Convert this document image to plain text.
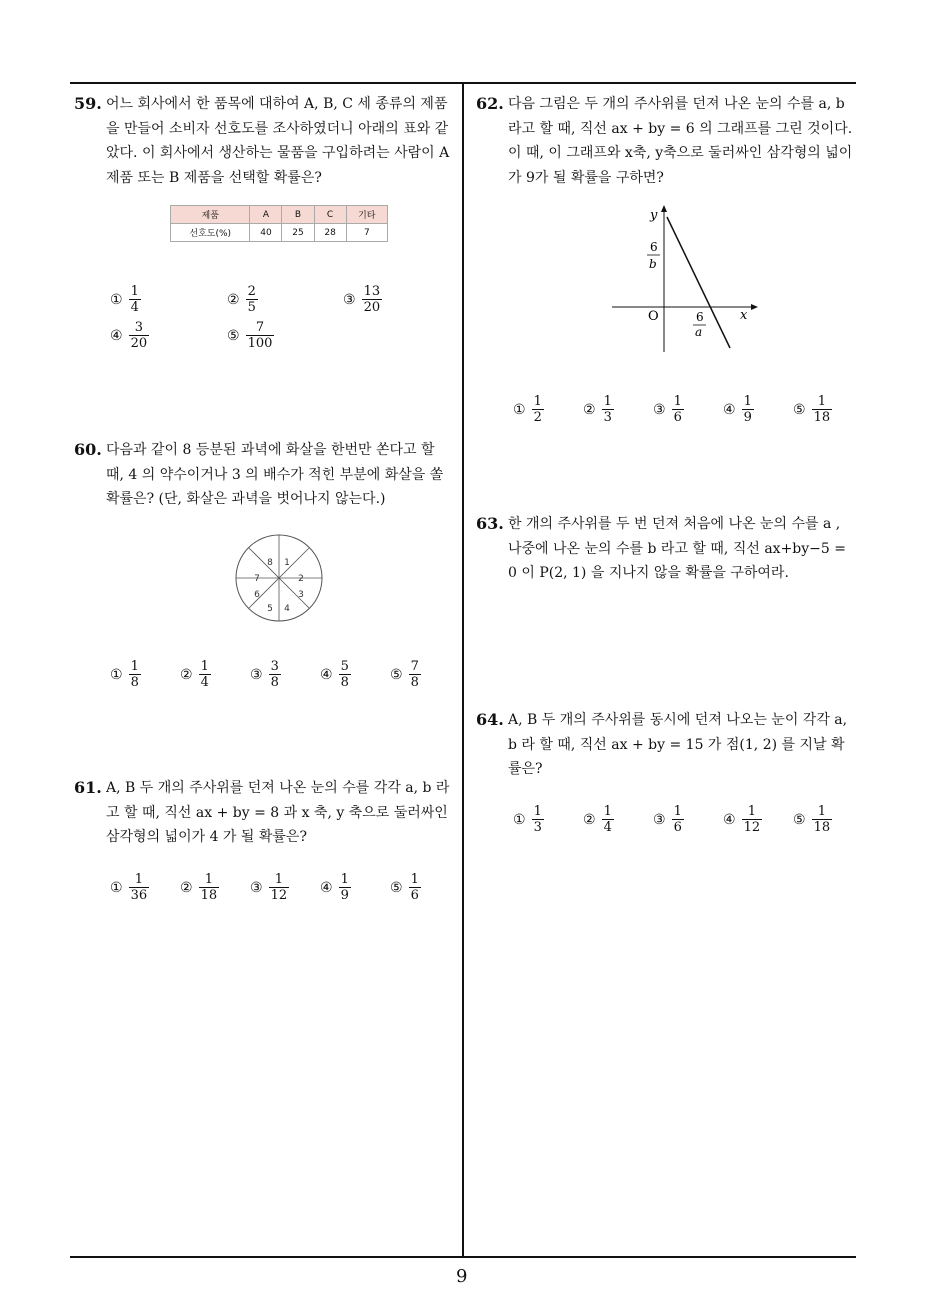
9
59. 어느 회사에서 한 품목에 대하여 A, B, C 세 종류의 제품을 만들어 소비자 선호도를 조사하였더니 아래의 표와 같았다. 이 회사에서 생산하는 물품을 구입하려는 사람이 A 제품 또는 B 제품을 선택할 확률은?
제품	A	B	C	기타
선호도(%)	40	25	28	7
① $\frac{1}{4}$	② $\frac{2}{5}$	③ $\frac{13}{20}$
④ $\frac{3}{20}$	⑤ $\frac{7}{100}$
60. 다음과 같이 8 등분된 과녁에 화살을 한번만 쏜다고 할 때, 4 의 약수이거나 3 의 배수가 적힌 부분에 화살을 쏠 확률은? (단, 화살은 과녁을 벗어나지 않는다.)
1
2
3
4
5
6
7
8
① $\frac{1}{8}$	② $\frac{1}{4}$	③ $\frac{3}{8}$	④ $\frac{5}{8}$	⑤ $\frac{7}{8}$
61. A, B 두 개의 주사위를 던져 나온 눈의 수를 각각 a, b 라고 할 때, 직선 ax + by = 8 과 x 축, y 축으로 둘러싸인 삼각형의 넓이가 4 가 될 확률은?
① $\frac{1}{36}$ ② $\frac{1}{18}$ ③ $\frac{1}{12}$ ④ $\frac{1}{9}$	⑤ $\frac{1}{6}$
62. 다음 그림은 두 개의 주사위를 던져 나온 눈의 수를 a, b 라고 할 때, 직선 ax + by = 6 의 그래프를 그린 것이다. 이 때, 이 그래프와 x축, y축으로 둘러싸인 삼각형의 넓이가 9가 될 확률을 구하면?
y
x
O
6
b
6
a
① $\frac{1}{2}$	② $\frac{1}{3}$	③ $\frac{1}{6}$	④ $\frac{1}{9}$	⑤ $\frac{1}{18}$
63. 한 개의 주사위를 두 번 던져 처음에 나온 눈의 수를 a , 나중에 나온 눈의 수를 b 라고 할 때, 직선 ax+by−5 = 0 이 P(2, 1) 을 지나지 않을 확률을 구하여라.
64. A, B 두 개의 주사위를 동시에 던져 나오는 눈이 각각 a, b 라 할 때, 직선 ax + by = 15 가 점(1, 2) 를 지날 확률은?
① $\frac{1}{3}$	② $\frac{1}{4}$	③ $\frac{1}{6}$	④ $\frac{1}{12}$ ⑤ $\frac{1}{18}$
